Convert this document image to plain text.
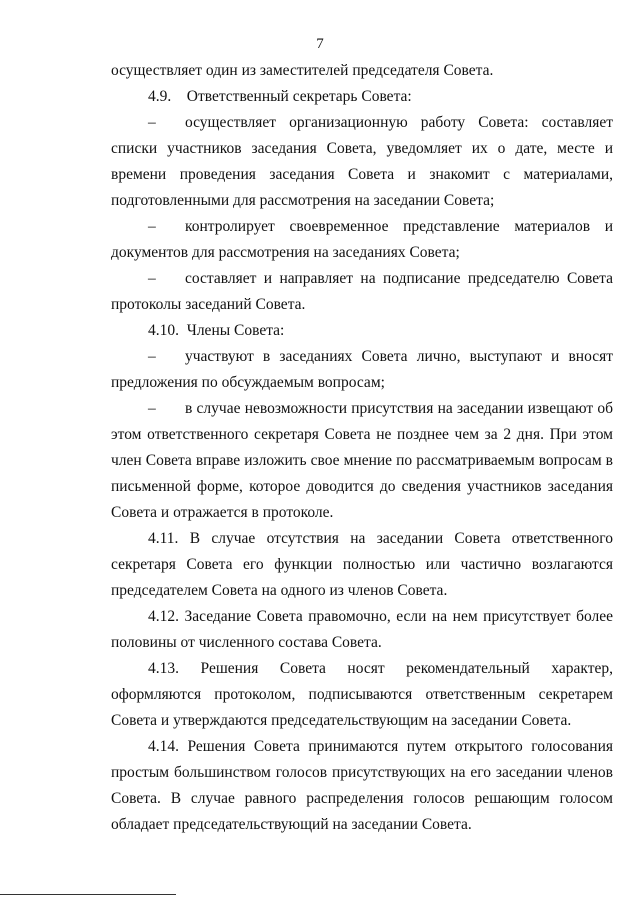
7

осуществляет один из заместителей председателя Совета.

4.9.    Ответственный секретарь Совета:

– осуществляет организационную работу Совета: составляет списки участников заседания Совета, уведомляет их о дате, месте и времени проведения заседания Совета и знакомит с материалами, подготовленными для рассмотрения на заседании Совета;

– контролирует своевременное представление материалов и документов для рассмотрения на заседаниях Совета;

– составляет и направляет на подписание председателю Совета протоколы заседаний Совета.

4.10.  Члены Совета:

– участвуют в заседаниях Совета лично, выступают и вносят предложения по обсуждаемым вопросам;

– в случае невозможности присутствия на заседании извещают об этом ответственного секретаря Совета не позднее чем за 2 дня. При этом член Совета вправе изложить свое мнение по рассматриваемым вопросам в письменной форме, которое доводится до сведения участников заседания Совета и отражается в протоколе.

4.11. В случае отсутствия на заседании Совета ответственного секретаря Совета его функции полностью или частично возлагаются председателем Совета на одного из членов Совета.

4.12. Заседание Совета правомочно, если на нем присутствует более половины от численного состава Совета.

4.13. Решения Совета носят рекомендательный характер, оформляются протоколом, подписываются ответственным секретарем Совета и утверждаются председательствующим на заседании Совета.

4.14. Решения Совета принимаются путем открытого голосования простым большинством голосов присутствующих на его заседании членов Совета. В случае равного распределения голосов решающим голосом обладает председательствующий на заседании Совета.
